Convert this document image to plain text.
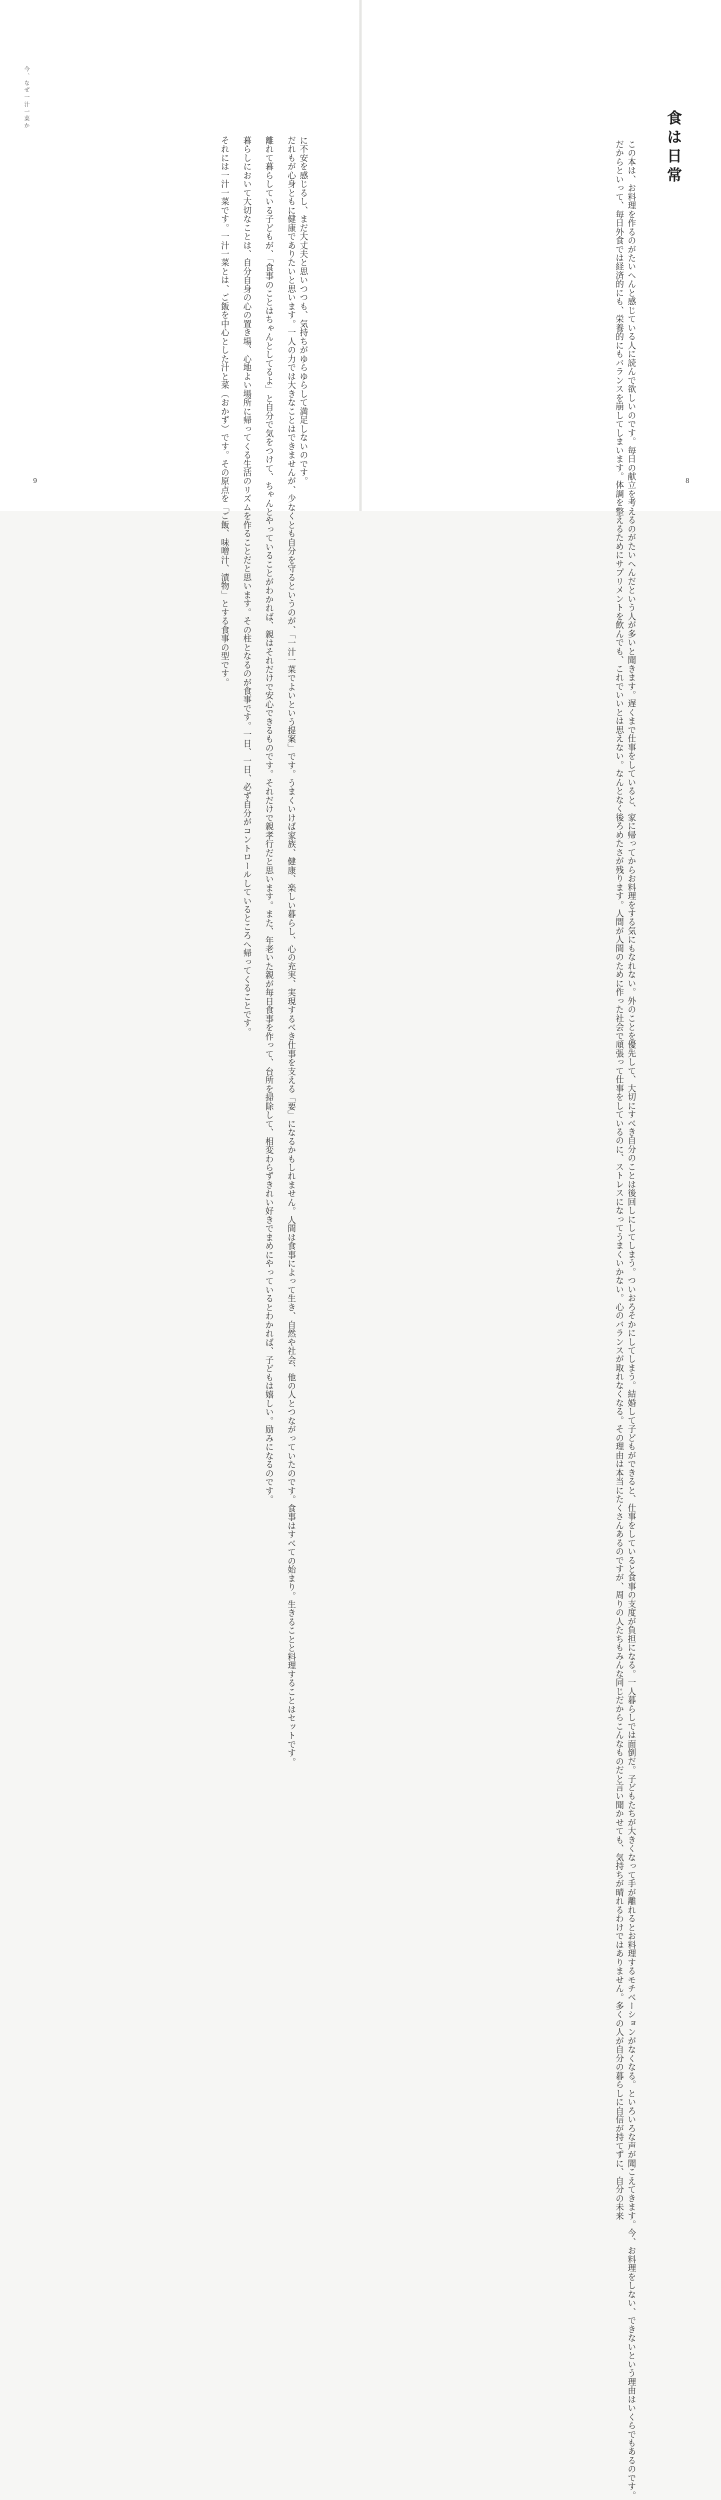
今、なぜ一汁一菜か

に不安を感じるし、まだ大丈夫と思いつつも、気持ちがゆらゆらして満足しないのです。

だれもが心身ともに健康でありたいと思います。一人の力では大きなことはできませんが、少なくとも自分を守るというのが、「一汁一菜でよいという提案」です。うまくいけば家族、健康、楽しい暮らし、心の充実、実現するべき仕事を支える「要」になるかもしれません。人間は食事によって生き、自然や社会、他の人とつながっていたのです。食事はすべての始まり。生きることと料理することはセットです。

離れて暮らしている子どもが、「食事のことはちゃんとしてるよ」と自分で気をつけて、ちゃんとやっていることがわかれば、親はそれだけで安心できるものです。それだけで親孝行だと思います。また、年老いた親が毎日食事を作って、台所を掃除して、相変わらずきれい好きでまめにやっているとわかれば、子どもは嬉しい。励みになるのです。

暮らしにおいて大切なことは、自分自身の心の置き場、心地よい場所に帰ってくる生活のリズムを作ることだと思います。その柱となるのが食事です。一日、一日、必ず自分がコントロールしているところへ帰ってくることです。

それには一汁一菜です。一汁一菜とは、ご飯を中心とした汁と菜（おかず）です。その原点を「ご飯、味噌汁、漬物」とする食事の型です。

9
食は日常

この本は、お料理を作るのがたいへんと感じている人に読んで欲しいのです。毎日の献立を考えるのがたいへんだという人が多いと聞きます。遅くまで仕事をしていると、家に帰ってからお料理をする気にもなれない。外のことを優先して、大切にすべき自分のことは後回しにしてしまう。ついおろそかにしてしまう。結婚して子どもができると、仕事をしていると食事の支度が負担になる。一人暮らしでは面倒だ。子どもたちが大きくなって手が離れるとお料理するモチベーションがなくなる。といろいろな声が聞こえてきます。今、お料理をしない、できないという理由はいくらでもあるのです。

だからといって、毎日外食では経済的にも、栄養的にもバランスを崩してしまいます。体調を整えるためにサプリメントを飲んでも、これでいいとは思えない。なんとなく後ろめたさが残ります。人間が人間のために作った社会で頑張って仕事をしているのに、ストレスになってうまくいかない。心のバランスが取れなくなる。その理由は本当にたくさんあるのですが、周りの人たちもみんな同じだからこんなものだと言い聞かせても、気持ちが晴れるわけではありません。多くの人が自分の暮らしに自信が持てずに、自分の未来	8
